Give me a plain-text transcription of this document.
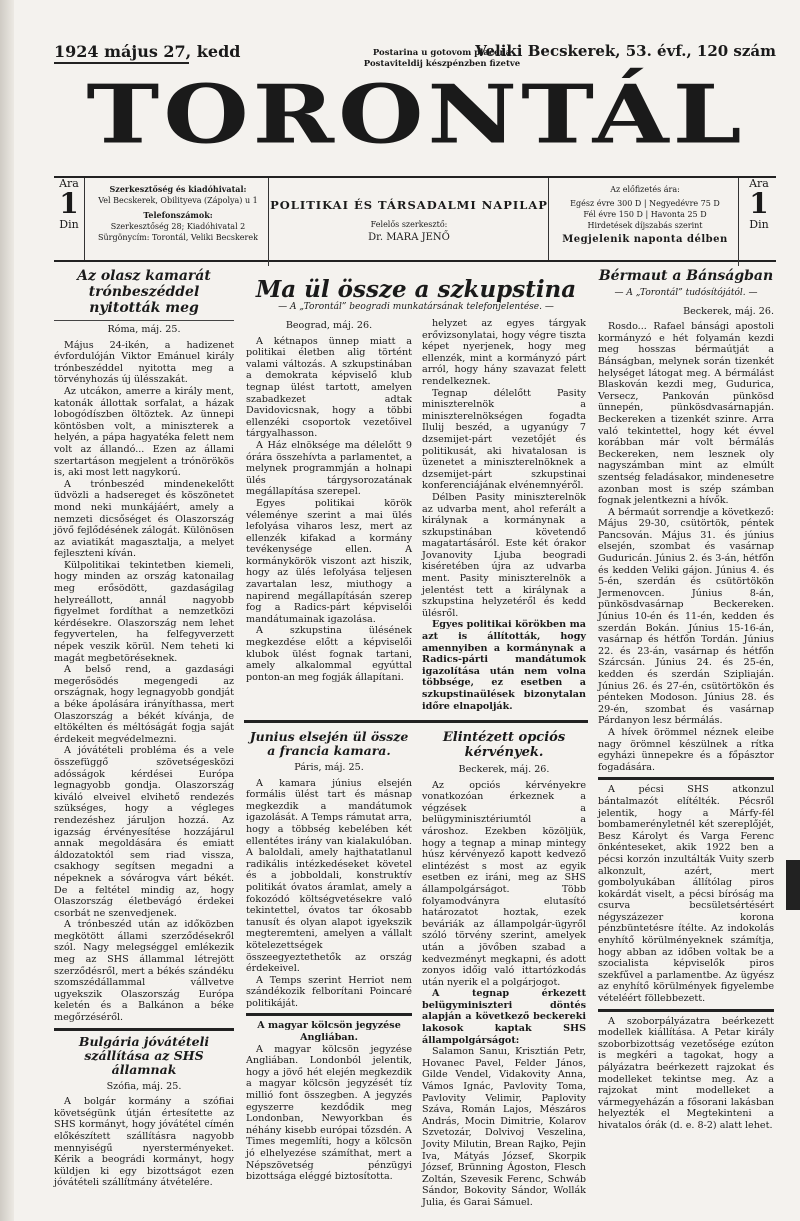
1924 május 27, kedd	Postarina u gotovom plaćena
Postaviteldij készpénzben fizetve
Veliki Becskerek, 53. évf., 120 szám
TORONTÁL
Ára
1
Din
Szerkesztőség és kiadóhivatal:
Vel Becskerek, Obilityeva (Zápolya) u 1
Telefonszámok:
Szerkesztőség 28; Kiadóhivatal 2
Sürgönycím: Torontál, Veliki Becskerek
POLITIKAI ÉS TÁRSADALMI NAPILAP
Felelős szerkesztő:
Dr. MARA JENŐ
Az előfizetés ára:
Egész évre 300 D | Negyedévre 75 D
Fél évre 150 D | Havonta 25 D
Hirdetések díjszabás szerint
Megjelenik naponta délben
Ára
1
Din
Az olasz kamarát trónbeszéddel nyitották meg
Róma, máj. 25.

Május 24-ikén, a hadizenet évfordulóján Viktor Emánuel király trónbeszéddel nyitotta meg a törvényhozás új ülésszakát.

Az utcákon, amerre a király ment, katonák állottak sorfalat, a házak lobogódíszben öltöztek. Az ünnepi köntösben volt, a miniszterek a helyén, a pápa hagyatéka felett nem volt az állandó... Ezen az állami szertartáson megjelent a trónörökös is, aki most lett nagykorú.

A trónbeszéd mindenekelőtt üdvözli a hadsereget és köszönetet mond neki munkájáért, amely a nemzeti dicsőséget és Olaszország jövő fejlődésének zálogát. Különösen az aviatikát magasztalja, a melyet fejleszteni kíván.

Külpolitikai tekintetben kiemeli, hogy minden az ország katonailag meg erősödött, gazdaságilag helyreállott, annál nagyobb figyelmet fordíthat a nemzetközi kérdésekre. Olaszország nem lehet fegyvertelen, ha felfegyverzett népek veszik körül. Nem teheti ki magát megbetöréseknek.

A belső rend, a gazdasági megerősödés megengedi az országnak, hogy legnagyobb gondját a béke ápolására irányíthassa, mert Olaszország a békét kívánja, de eltökélten és méltóságát fogja saját érdekeit megvédelmezni.

A jóvátételi probléma és a vele összefüggő szövetségesközi adósságok kérdései Európa legnagyobb gondja. Olaszország kiváló elveivel elvihető rendezés szükséges, hogy a végleges rendezéshez járuljon hozzá. Az igazság érvényesítése hozzájárul annak megoldására és emiatt áldozatoktól sem riad vissza, csakhogy segítsen megadni a népeknek a sóvárogva várt békét. De a feltétel mindig az, hogy Olaszország életbevágó érdekei csorbát ne szenvedjenek.

A trónbeszéd után az időközben megkötött állami szerződésekről szól. Nagy melegséggel emlékezik meg az SHS állammal létrejött szerződésről, mert a békés szándéku szomszédállammal vállvetve ugyekszik Olaszország Európa keletén és a Balkánon a béke megőrzéséről.

Bulgária jóvátételi szállítása az SHS államnak
Szófia, máj. 25.

A bolgár kormány a szófiai követségünk útján értesítette az SHS kormányt, hogy jóvátétel címén előkészített szállításra nagyobb mennyiségű nyersterményeket. Kérik a beográdi kormányt, hogy küldjen ki egy bizottságot ezen jóvátételi szállítmány átvételére.

Ma ül össze a szkupstina
— A „Torontál” beogradi munkatársának telefonjelentése. —
Beograd, máj. 26.

A kétnapos ünnep miatt a politikai életben alig történt valami változás. A szkupstinában a demokrata képviselő klub tegnap ülést tartott, amelyen szabadkezet adtak Davidovicsnak, hogy a többi ellenzéki csoportok vezetőivel tárgyalhasson.

A Ház elnöksége ma délelőtt 9 órára összehívta a parlamentet, a melynek programmján a holnapi ülés tárgysorozatának megállapítása szerepel.

Egyes politikai körök véleménye szerint a mai ülés lefolyása viharos lesz, mert az ellenzék kifakad a kormány tevékenysége ellen. A kormánykörök viszont azt hiszik, hogy az ülés lefolyása teljesen zavartalan lesz, miuthogy a napirend megállapításán szerep fog a Radics-párt képviselői mandátumainak igazolása.

A szkupstina ülésének megkezdése előtt a képviselői klubok ülést fognak tartani, amely alkalommal egyúttal ponton-an meg fogják állapítani.

helyzet az egyes tárgyak erővizsonylatai, hogy végre tiszta képet nyerjenek, hogy meg ellenzék, mint a kormányzó párt arról, hogy hány szavazat felett rendelkeznek.

Tegnap délelőtt Pasity miniszterelnök a miniszterelnökségen fogadta Ilulij beszéd, a ugyanúgy 7 dzsemijet-párt vezetőjét és politikusát, aki hivatalosan is üzenetet a miniszterelnöknek a dzsemijet-párt szkupstinai konferenciájának elvénemnyéről.

Délben Pasity miniszterelnök az udvarba ment, ahol referált a királynak a kormánynak a szkupstinában követendő magatartásáról. Este két órakor Jovanovity Ljuba beogradi kiséretében újra az udvarba ment. Pasity miniszterelnök a jelentést tett a királynak a szkupstina helyzetéről és kedd ülésről.

Egyes politikai körökben ma azt is állították, hogy amennyiben a kormánynak a Radics-párti mandátumok igazolítása után nem volna többsége, ez esetben a szkupstinaülések bizonytalan időre elnapolják.

Junius elsején ül össze a francia kamara.
Páris, máj. 25.

A kamara június elsején formális ülést tart és másnap megkezdik a mandátumok igazolását. A Temps rámutat arra, hogy a többség kebelében két ellentétes irány van kialakulóban. A baloldali, amely hajthatatlanul radikális intézkedéseket követel és a jobboldali, konstruktív politikát óvatos áramlat, amely a fokozódó költségvetésekre való tekintettel, óvatos tar ókosabb tanusít és olyan alapot igyekszik megteremteni, amelyen a vállalt kötelezettségek összeegyeztethetők az ország érdekeivel.

A Temps szerint Herriot nem szándékozik felborítani Poincaré politikáját.

A magyar kölcsön jegyzése Angliában.

A magyar kölcsön jegyzése Angliában. Londonból jelentik, hogy a jövő hét elején megkezdik a magyar kölcsön jegyzését tíz millió font összegben. A jegyzés egyszerre kezdődik meg Londonban, Newyorkban és néhány kisebb európai tőzsdén. A Times megemlíti, hogy a kölcsön jó elhelyezése számíthat, mert a Népszövetség pénzügyi bizottsága eléggé biztosította.

Elintézett opciós kérvények.
Beckerek, máj. 26.

Az opciós kérvényekre vonatkozóan érkeznek a végzések a belügyminisztériumtól a városhoz. Ezekben közöljük, hogy a tegnap a minap mintegy húsz kérvényező kapott kedvező elintézést s most az egyik esetben ez iráni, meg az SHS állampolgárságot. Több folyamodványra elutasító határozatot hoztak, ezek beváriák az állampolgár-ügyről szóló törvény szerint, amelyek után a jövőben szabad a kedvezményt megkapni, és adott zonyos időig való ittartózkodás után nyerik el a polgárjogot.

A tegnap érkezett belügyminiszteri döntés alapján a következő beckereki lakosok kaptak SHS állampolgárságot:

Salamon Sanuı, Krisztián Petr, Hovanec Pavel, Felder János, Gilde Vendel, Vidakovity Anna, Vámos Ignác, Pavlovity Toma, Pavlovity Velimir, Paplovity Száva, Román Lajos, Mészáros András, Mocin Dimitrie, Kolarov Szvetozár, Dolvivoj Veszelina, Jovity Milutin, Brean Rajko, Pejin Iva, Mátyás József, Skorpik József, Brünning Ágoston, Flesch Zoltán, Szevesik Ferenc, Schwáb Sándor, Bokovity Sándor, Wollák Julia, és Garai Sámuel.

Bérmaut a Bánságban
— A „Torontál” tudósítójától. —
Beckerek, máj. 26.

Rosdo... Rafael bánsági apostoli kormányzó e hét folyamán kezdi meg hosszas bérmaútját a Bánságban, melynek során tizenkét helységet látogat meg. A bérmálást Blaskován kezdi meg, Gudurica, Versecz, Pankován pünkösd ünnepén, pünkösdvasárnapján. Beckereken a tizenkét szinre. Arra való tekintettel, hogy két évvel korábban már volt bérmálás Beckereken, nem lesznek oly nagyszámban mint az elmúlt szentség feladásakor, mindenesetre azonban most is szép számban fognak jelentkezni a hívők.

A bérmaút sorrendje a következő: Május 29-30, csütörtök, péntek Pancsován. Május 31. és június elsején, szombat és vasárnap Guduricán. Június 2. és 3-án, hétfőn és kedden Veliki gájon. Június 4. és 5-én, szerdán és csütörtökön Jermenovcen. Június 8-án, pünkösdvasárnap Beckereken. Június 10-én és 11-én, kedden és szerdán Bokán. Június 15-16-án, vasárnap és hétfőn Tordán. Június 22. és 23-án, vasárnap és hétfőn Szárcsán. Június 24. és 25-én, kedden és szerdán Szipliaján. Június 26. és 27-én, csütörtökön és pénteken Modoson. Június 28. és 29-én, szombat és vasárnap Párdanyon lesz bérmálás.

A hívek örömmel néznek eleibe nagy örömnel készülnek a rítka egyházi ünnepekre és a főpásztor fogadására.

A pécsi SHS atkonzul bántalmazót elítélték. Pécsről jelentik, hogy a Márfy-fél bombamerényletnél két szereplőjét, Besz Károlyt és Varga Ferenc önkénteseket, akik 1922 ben a pécsi korzón inzultálták Vuity szerb alkonzult, azért, mert gombolyukában állítólag piros kokárdát viselt, a pécsi bíróság ma csurva becsületsértésért négyszázezer korona pénzbüntetésre ítélte. Az indokolás enyhítő körülményeknek számítja, hogy abban az időben voltak be a szocialista képviselők piros szekfűvel a parlamentbe. Az ügyész az enyhítő körülmények figyelembe vételéért föllebbezett.

A szoborpályázatra beérkezett modellek kiállítása. A Petar király szoborbizottság vezetősége ezúton is megkéri a tagokat, hogy a pályázatra beérkezett rajzokat és modelleket tekintse meg. Az a rajzokat mint modelleket a vármegyeházán a fősorani lakásban helyezték el Megtekinteni a hivatalos órák (d. e. 8-2) alatt lehet.
